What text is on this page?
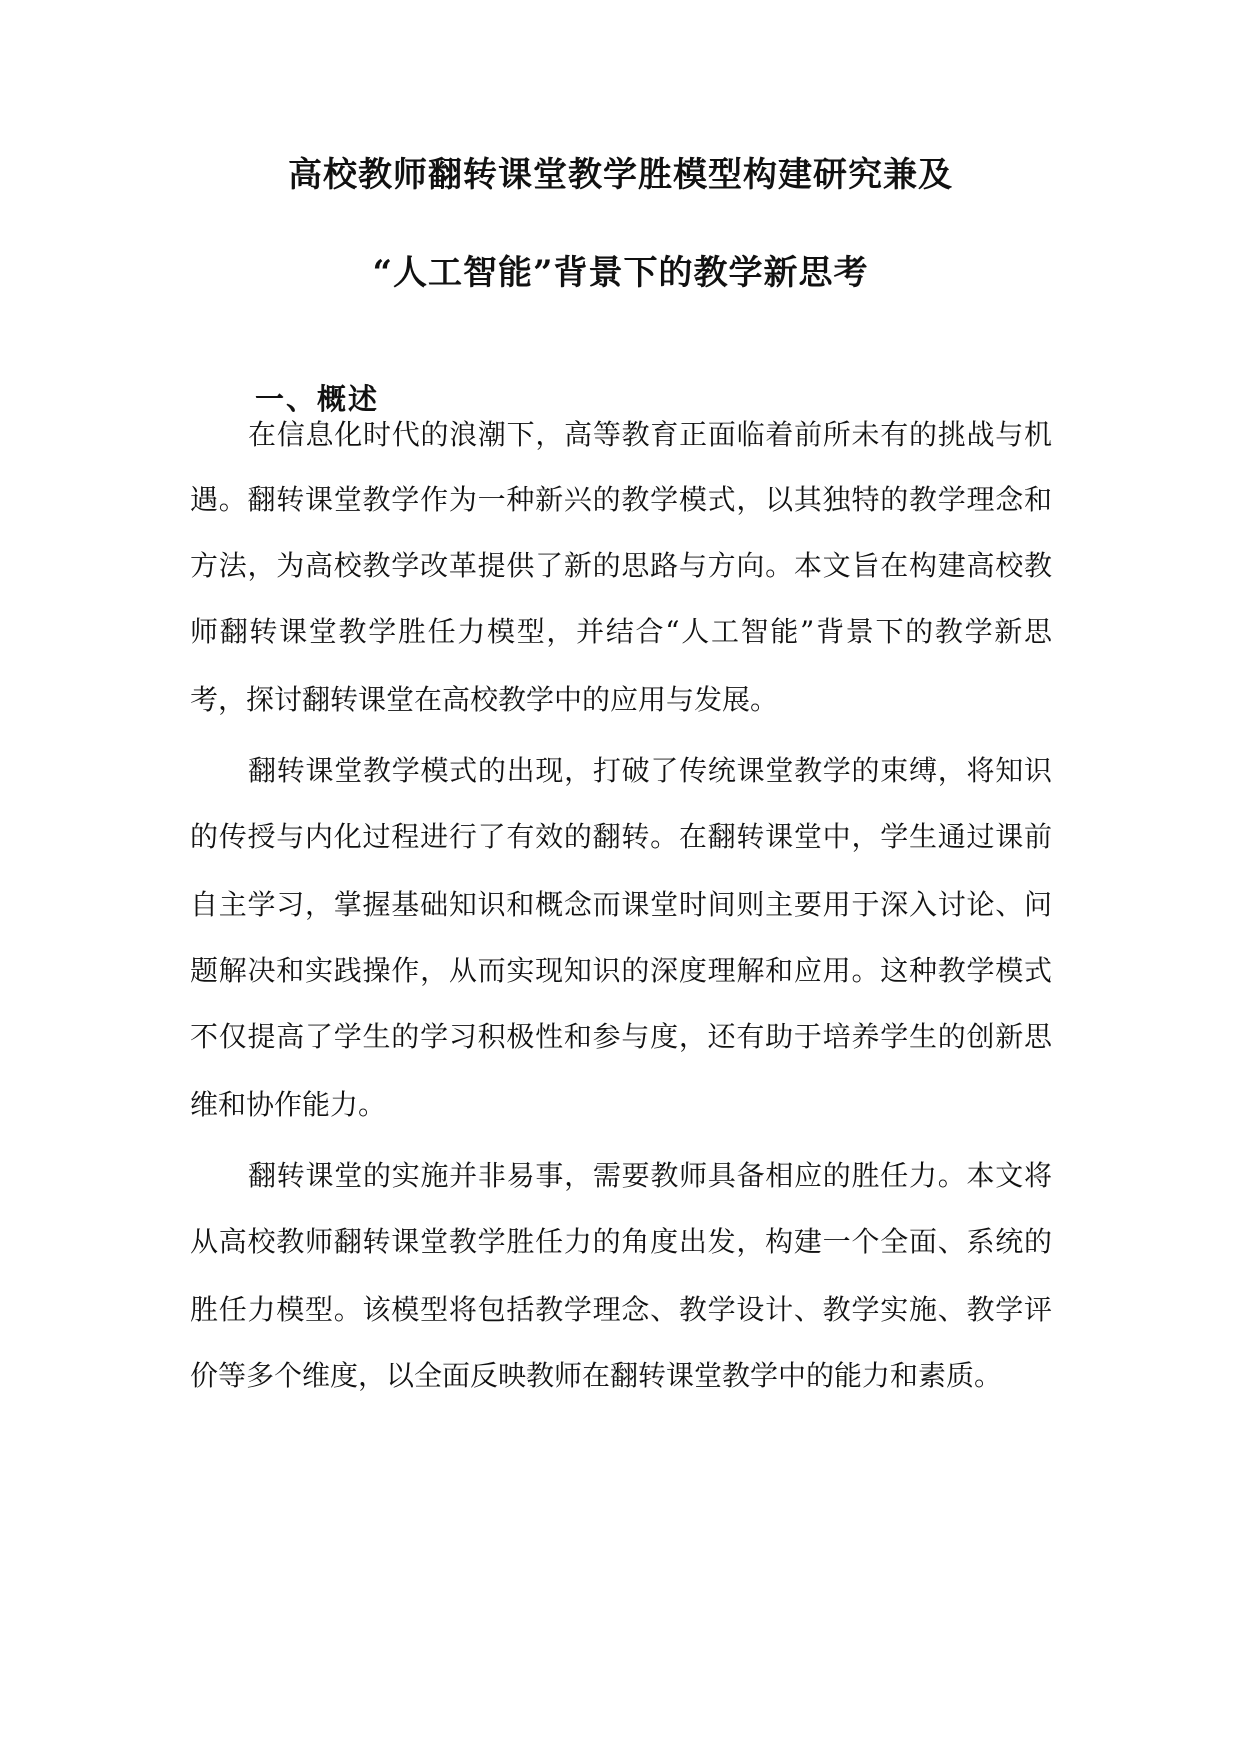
高校教师翻转课堂教学胜模型构建研究兼及
“人工智能”背景下的教学新思考
一、概述
在信息化时代的浪潮下，高等教育正面临着前所未有的挑战与机
遇。翻转课堂教学作为一种新兴的教学模式，以其独特的教学理念和
方法，为高校教学改革提供了新的思路与方向。本文旨在构建高校教
师翻转课堂教学胜任力模型，并结合“人工智能”背景下的教学新思
考，探讨翻转课堂在高校教学中的应用与发展。
翻转课堂教学模式的出现，打破了传统课堂教学的束缚，将知识
的传授与内化过程进行了有效的翻转。在翻转课堂中，学生通过课前
自主学习，掌握基础知识和概念而课堂时间则主要用于深入讨论、问
题解决和实践操作，从而实现知识的深度理解和应用。这种教学模式
不仅提高了学生的学习积极性和参与度，还有助于培养学生的创新思
维和协作能力。
翻转课堂的实施并非易事，需要教师具备相应的胜任力。本文将
从高校教师翻转课堂教学胜任力的角度出发，构建一个全面、系统的
胜任力模型。该模型将包括教学理念、教学设计、教学实施、教学评
价等多个维度，以全面反映教师在翻转课堂教学中的能力和素质。
